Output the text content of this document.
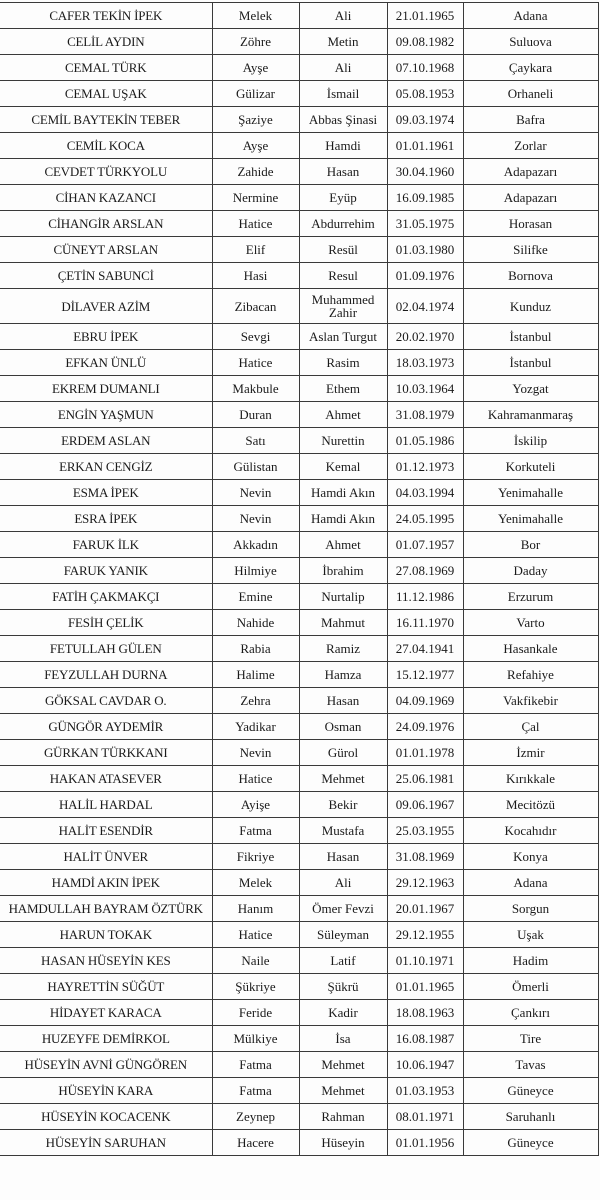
CAFER TEKİN İPEK	Melek	Ali	21.01.1965	Adana
CELİL AYDIN	Zöhre	Metin	09.08.1982	Suluova
CEMAL TÜRK	Ayşe	Ali	07.10.1968	Çaykara
CEMAL UŞAK	Gülizar	İsmail	05.08.1953	Orhaneli
CEMİL BAYTEKİN TEBER	Şaziye	Abbas Şinasi	09.03.1974	Bafra
CEMİL KOCA	Ayşe	Hamdi	01.01.1961	Zorlar
CEVDET TÜRKYOLU	Zahide	Hasan	30.04.1960	Adapazarı
CİHAN KAZANCI	Nermine	Eyüp	16.09.1985	Adapazarı
CİHANGİR ARSLAN	Hatice	Abdurrehim	31.05.1975	Horasan
CÜNEYT ARSLAN	Elif	Resül	01.03.1980	Silifke
ÇETİN SABUNCİ	Hasi	Resul	01.09.1976	Bornova
DİLAVER AZİM	Zibacan	Muhammed Zahir	02.04.1974	Kunduz
EBRU İPEK	Sevgi	Aslan Turgut	20.02.1970	İstanbul
EFKAN ÜNLÜ	Hatice	Rasim	18.03.1973	İstanbul
EKREM DUMANLI	Makbule	Ethem	10.03.1964	Yozgat
ENGİN YAŞMUN	Duran	Ahmet	31.08.1979	Kahramanmaraş
ERDEM ASLAN	Satı	Nurettin	01.05.1986	İskilip
ERKAN CENGİZ	Gülistan	Kemal	01.12.1973	Korkuteli
ESMA İPEK	Nevin	Hamdi Akın	04.03.1994	Yenimahalle
ESRA İPEK	Nevin	Hamdi Akın	24.05.1995	Yenimahalle
FARUK İLK	Akkadın	Ahmet	01.07.1957	Bor
FARUK YANIK	Hilmiye	İbrahim	27.08.1969	Daday
FATİH ÇAKMAKÇI	Emine	Nurtalip	11.12.1986	Erzurum
FESİH ÇELİK	Nahide	Mahmut	16.11.1970	Varto
FETULLAH GÜLEN	Rabia	Ramiz	27.04.1941	Hasankale
FEYZULLAH DURNA	Halime	Hamza	15.12.1977	Refahiye
GÖKSAL CAVDAR O.	Zehra	Hasan	04.09.1969	Vakfikebir
GÜNGÖR AYDEMİR	Yadikar	Osman	24.09.1976	Çal
GÜRKAN TÜRKKANI	Nevin	Gürol	01.01.1978	İzmir
HAKAN ATASEVER	Hatice	Mehmet	25.06.1981	Kırıkkale
HALİL HARDAL	Ayişe	Bekir	09.06.1967	Mecitözü
HALİT ESENDİR	Fatma	Mustafa	25.03.1955	Kocahıdır
HALİT ÜNVER	Fikriye	Hasan	31.08.1969	Konya
HAMDİ AKIN İPEK	Melek	Ali	29.12.1963	Adana
HAMDULLAH BAYRAM ÖZTÜRK	Hanım	Ömer Fevzi	20.01.1967	Sorgun
HARUN TOKAK	Hatice	Süleyman	29.12.1955	Uşak
HASAN HÜSEYİN KES	Naile	Latif	01.10.1971	Hadim
HAYRETTİN SÜĞÜT	Şükriye	Şükrü	01.01.1965	Ömerli
HİDAYET KARACA	Feride	Kadir	18.08.1963	Çankırı
HUZEYFE DEMİRKOL	Mülkiye	İsa	16.08.1987	Tire
HÜSEYİN AVNİ GÜNGÖREN	Fatma	Mehmet	10.06.1947	Tavas
HÜSEYİN KARA	Fatma	Mehmet	01.03.1953	Güneyce
HÜSEYİN KOCACENK	Zeynep	Rahman	08.01.1971	Saruhanlı
HÜSEYİN SARUHAN	Hacere	Hüseyin	01.01.1956	Güneyce
